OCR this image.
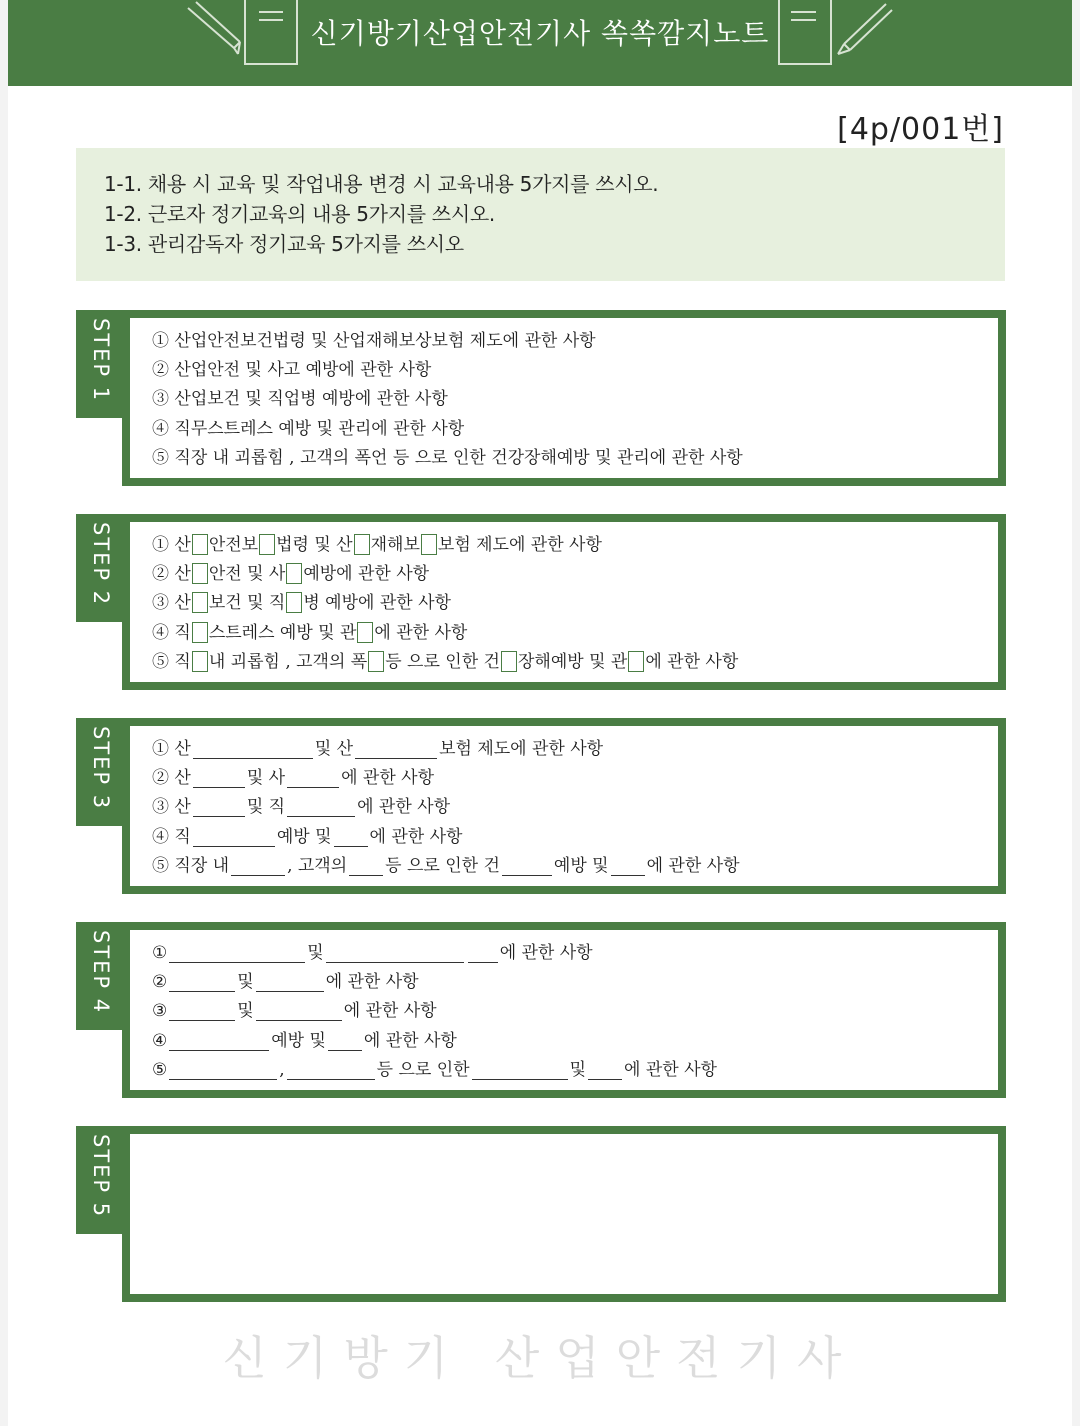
신기방기산업안전기사 쏙쏙깜지노트
[4p/001번]
1-1. 채용 시 교육 및 작업내용 변경 시 교육내용 5가지를 쓰시오.
1-2. 근로자 정기교육의 내용 5가지를 쓰시오.
1-3. 관리감독자 정기교육 5가지를 쓰시오
STEP 1 ① 산업안전보건법령 및 산업재해보상보험 제도에 관한 사항
② 산업안전 및 사고 예방에 관한 사항
③ 산업보건 및 직업병 예방에 관한 사항
④ 직무스트레스 예방 및 관리에 관한 사항
⑤ 직장 내 괴롭힘 , 고객의 폭언 등 으로 인한 건강장해예방 및 관리에 관한 사항
STEP 2 ① 산 안전보 법령 및 산 재해보 보험 제도에 관한 사항
② 산 안전 및 사 예방에 관한 사항
③ 산 보건 및 직 병 예방에 관한 사항
④ 직 스트레스 예방 및 관 에 관한 사항
⑤ 직 내 괴롭힘 , 고객의 폭 등 으로 인한 건 장해예방 및 관 에 관한 사항
STEP 3 ① 산	및 산	보험 제도에 관한 사항
② 산	및 사	에 관한 사항
③ 산	및 직	에 관한 사항
④ 직	예방 및 에 관한 사항
⑤ 직장 내	, 고객의 등 으로 인한 건	예방 및 에 관한 사항
STEP 4 ①	및	에 관한 사항
②	및	에 관한 사항
③	및	에 관한 사항
④	예방 및 에 관한 사항
⑤	,	등 으로 인한	및 에 관한 사항
STEP 5
신기방기 산업안전기사
